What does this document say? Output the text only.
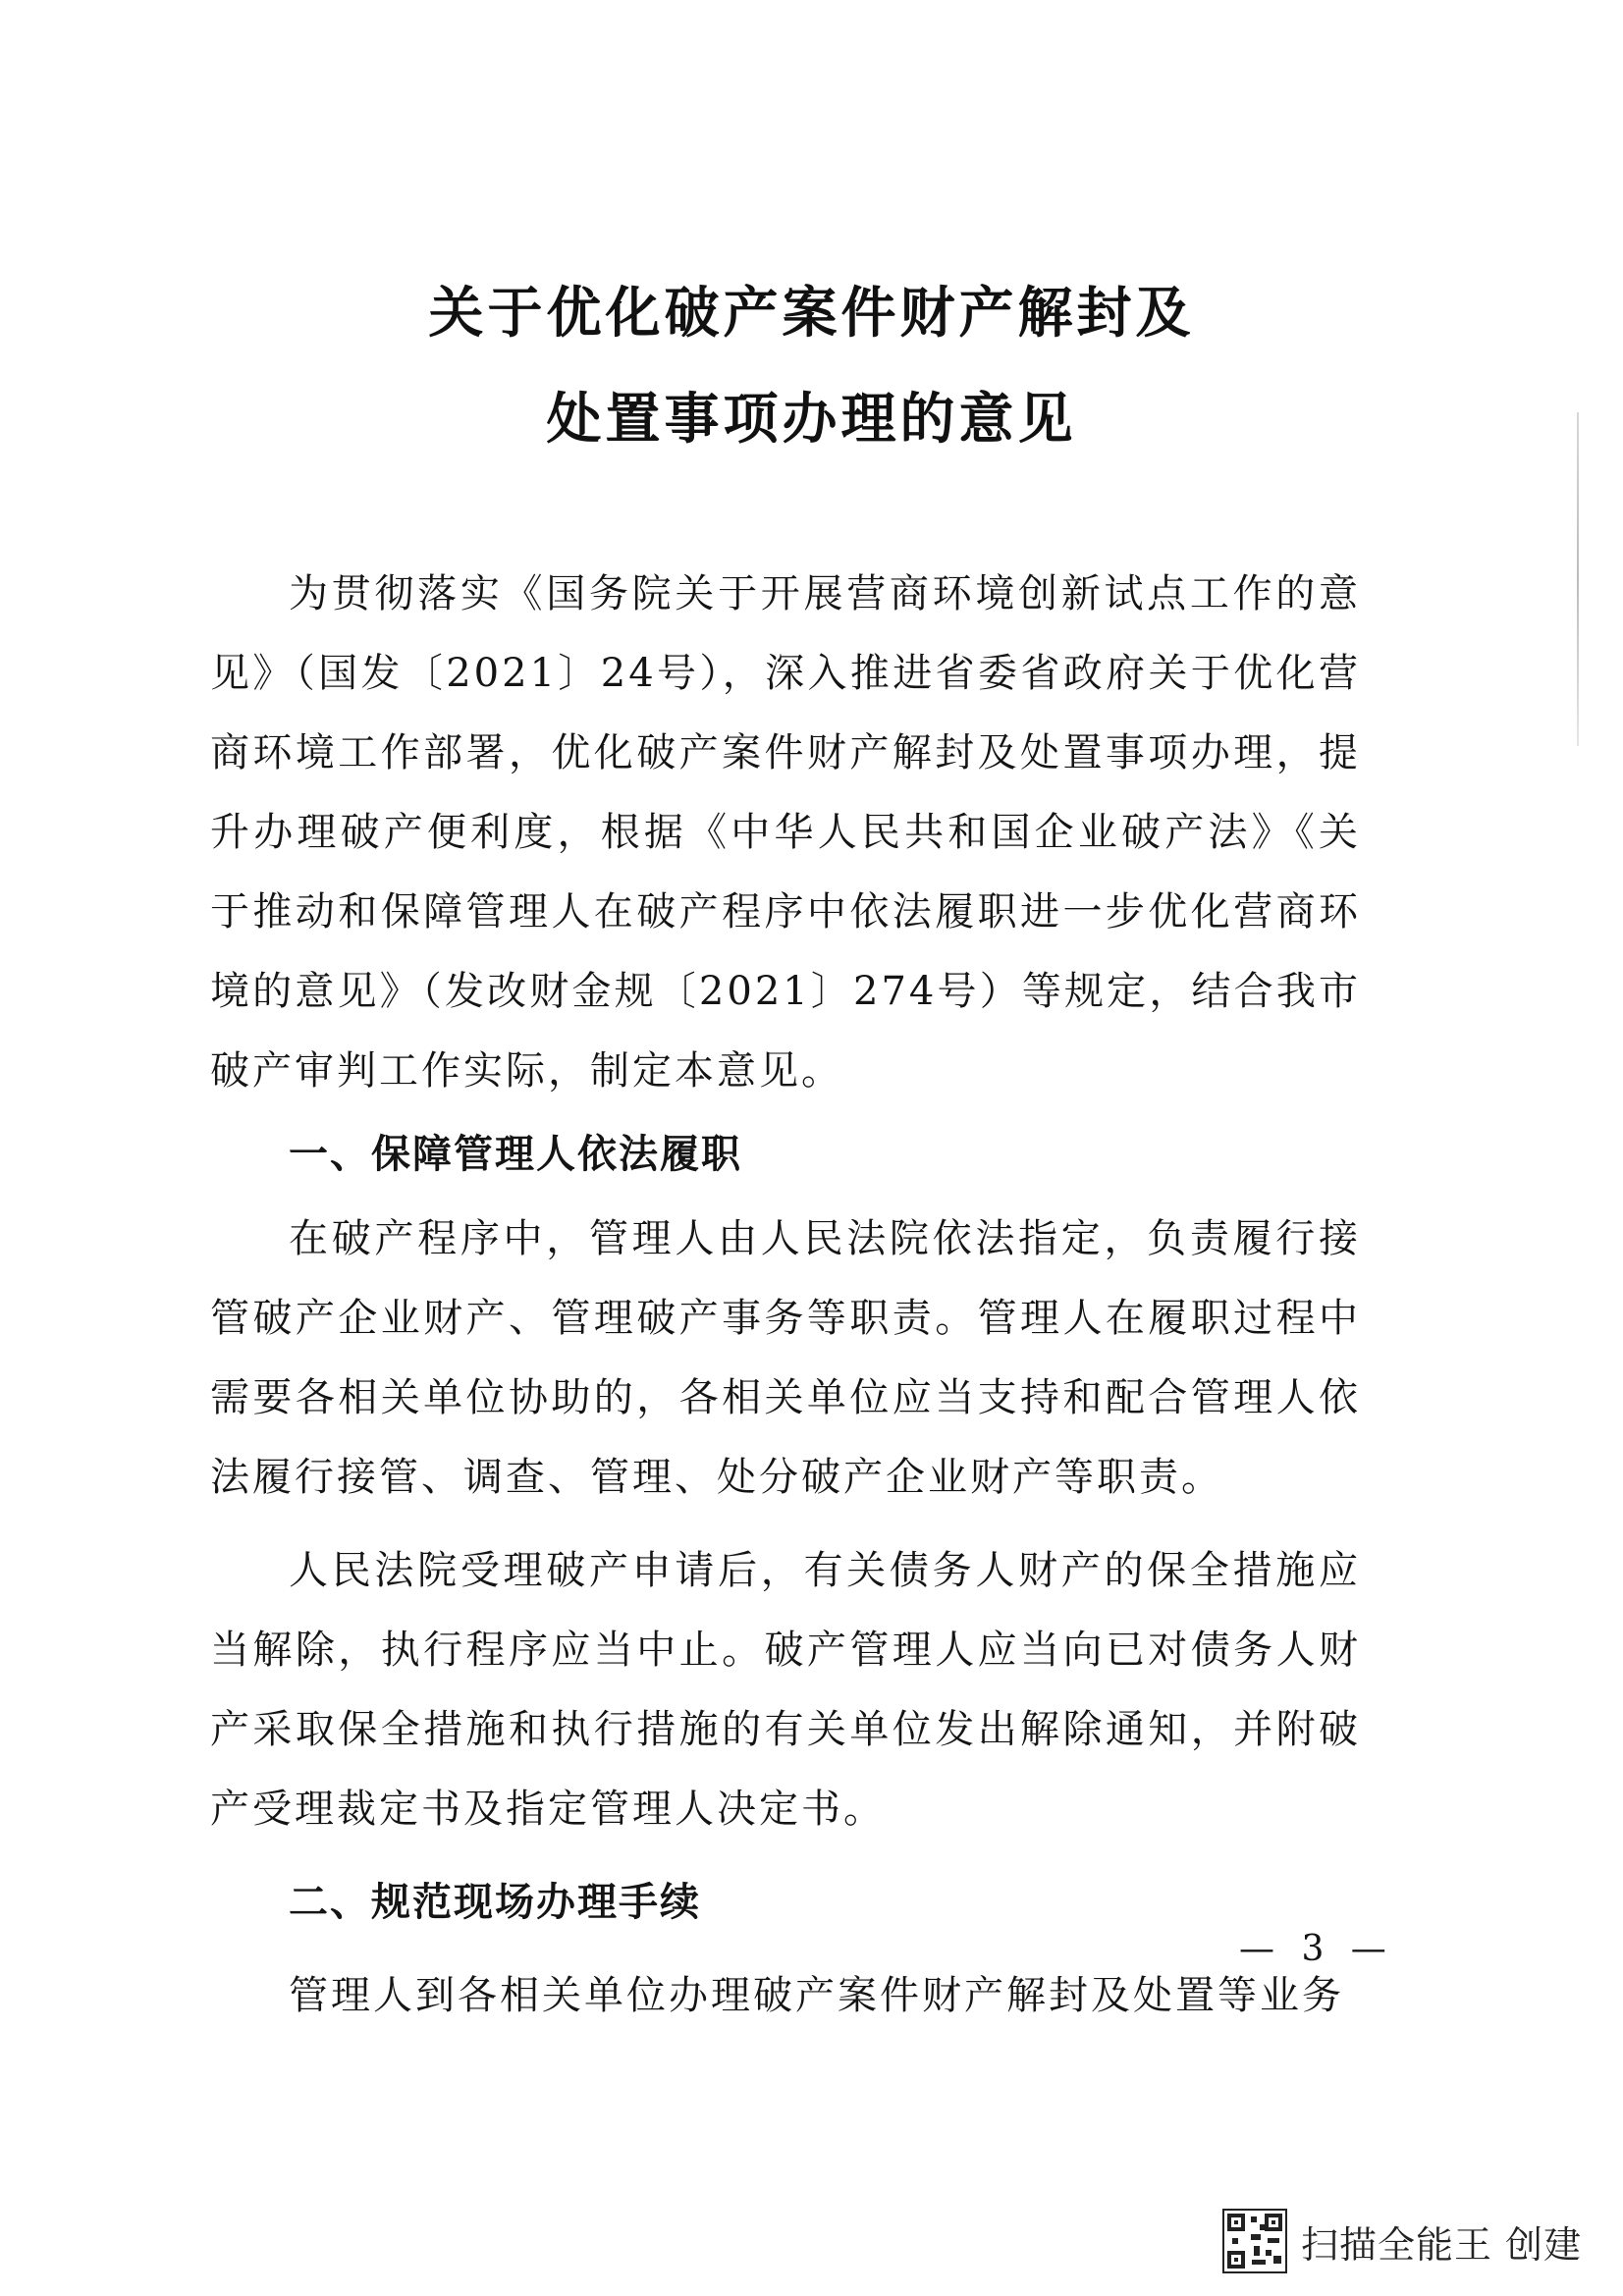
关于优化破产案件财产解封及
处置事项办理的意见

为贯彻落实《国务院关于开展营商环境创新试点工作的意见》（国发〔2021〕24号），深入推进省委省政府关于优化营商环境工作部署，优化破产案件财产解封及处置事项办理，提升办理破产便利度，根据《中华人民共和国企业破产法》《关于推动和保障管理人在破产程序中依法履职进一步优化营商环境的意见》（发改财金规〔2021〕274号）等规定，结合我市破产审判工作实际，制定本意见。

一、保障管理人依法履职

在破产程序中，管理人由人民法院依法指定，负责履行接管破产企业财产、管理破产事务等职责。管理人在履职过程中需要各相关单位协助的，各相关单位应当支持和配合管理人依法履行接管、调查、管理、处分破产企业财产等职责。

人民法院受理破产申请后，有关债务人财产的保全措施应当解除，执行程序应当中止。破产管理人应当向已对债务人财产采取保全措施和执行措施的有关单位发出解除通知，并附破产受理裁定书及指定管理人决定书。

二、规范现场办理手续

管理人到各相关单位办理破产案件财产解封及处置等业务

— 3 —
扫描全能王 创建
